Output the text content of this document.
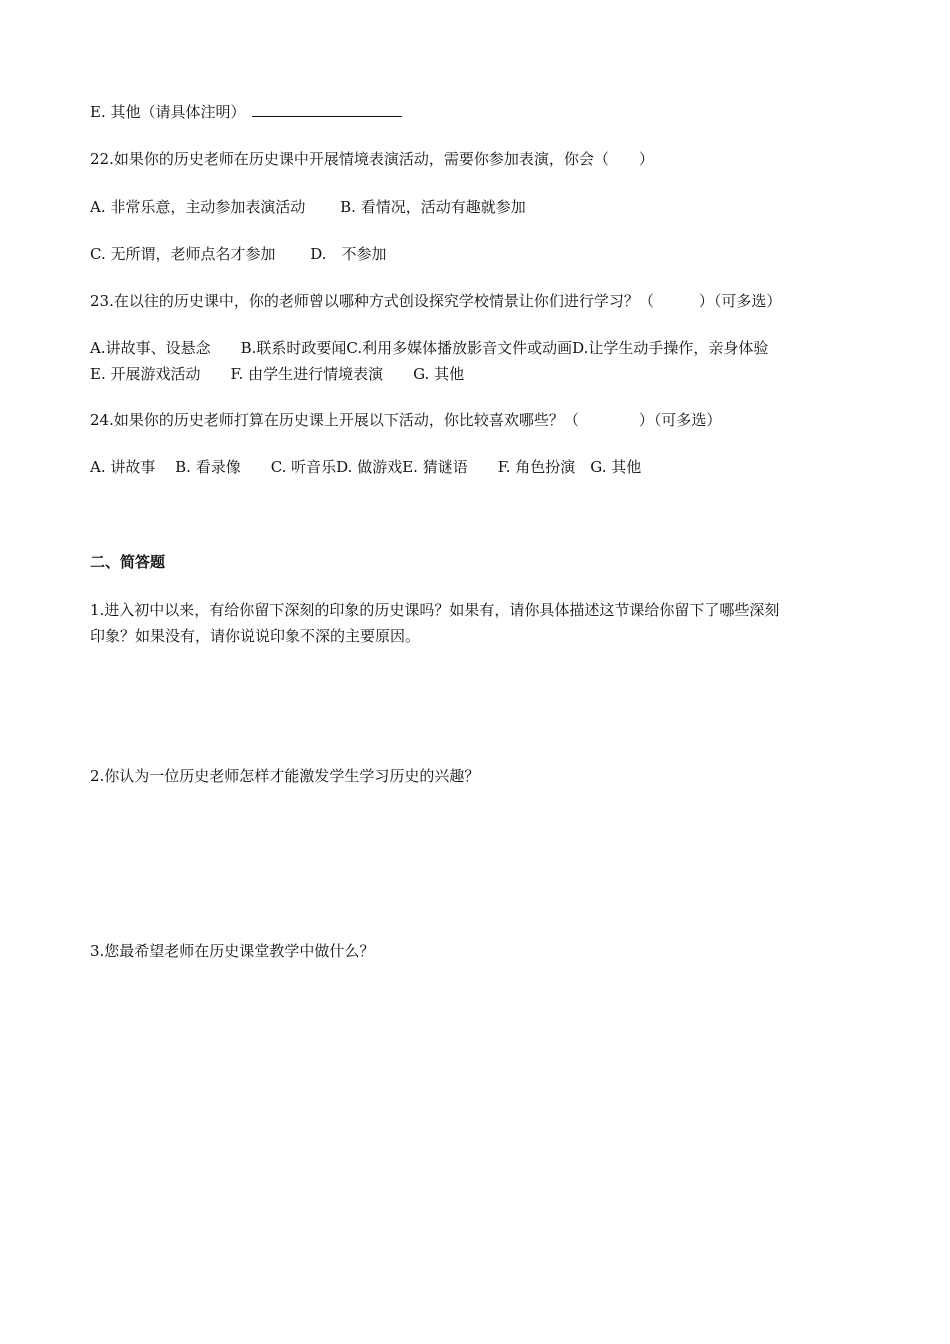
E. 其他（请具体注明）
22.如果你的历史老师在历史课中开展情境表演活动，需要你参加表演，你会（　　）
A. 非常乐意，主动参加表演活动　　 B. 看情况，活动有趣就参加
C. 无所谓，老师点名才参加　　 D.　不参加
23.在以往的历史课中，你的老师曾以哪种方式创设探究学校情景让你们进行学习？（　　　）（可多选）
A.讲故事、设悬念　　B.联系时政要闻C.利用多媒体播放影音文件或动画D.让学生动手操作，亲身体验
E. 开展游戏活动　　F. 由学生进行情境表演　　G. 其他
24.如果你的历史老师打算在历史课上开展以下活动，你比较喜欢哪些？（　　　　）（可多选）
A. 讲故事　 B. 看录像　　C. 听音乐D. 做游戏E. 猜谜语　　F. 角色扮演　G. 其他
二、简答题
1.进入初中以来，有给你留下深刻的印象的历史课吗？如果有，请你具体描述这节课给你留下了哪些深刻
印象？如果没有，请你说说印象不深的主要原因。
2.你认为一位历史老师怎样才能激发学生学习历史的兴趣？
3.您最希望老师在历史课堂教学中做什么？
